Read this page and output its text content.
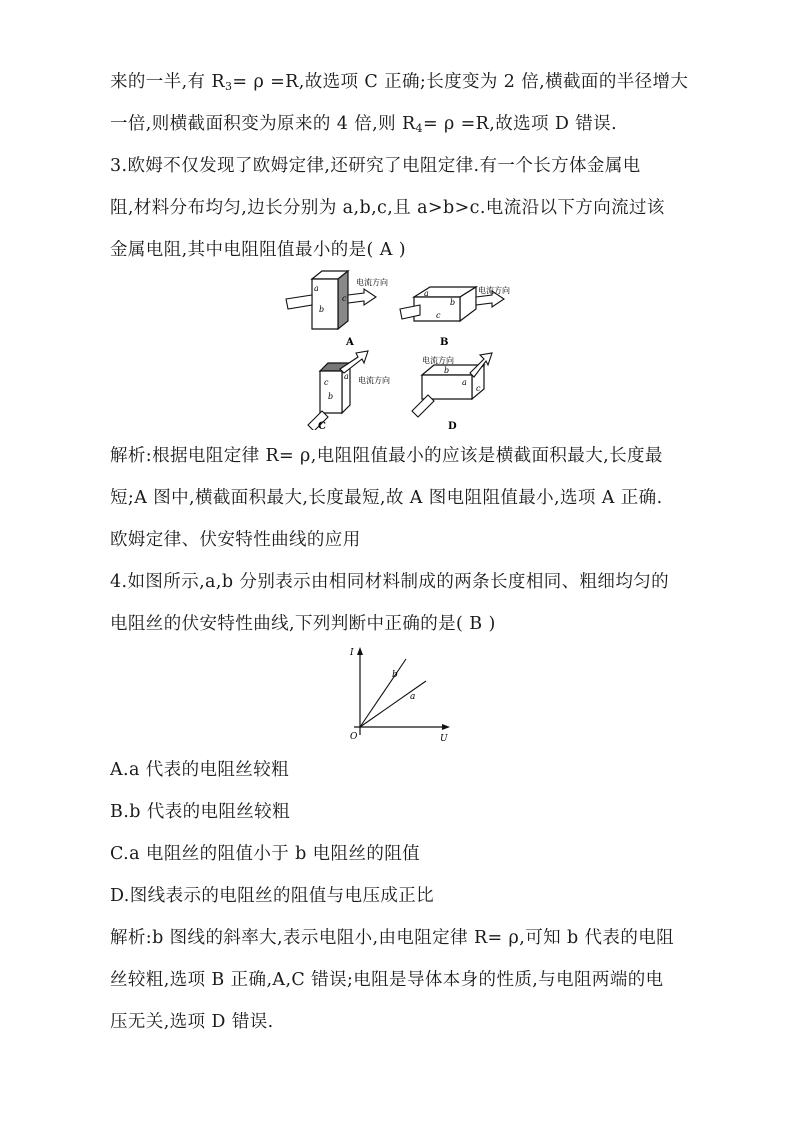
来的一半,有 $R_3= \rho =R$,故选项 C 正确;长度变为 2 倍,横截面的半径增大
一倍,则横截面积变为原来的 4 倍,则 $R_4= \rho =R$,故选项 D 错误.
3.欧姆不仅发现了欧姆定律,还研究了电阻定律.有一个长方体金属电
阻,材料分布均匀,边长分别为 a,b,c,且 a>b>c.电流沿以下方向流过该
金属电阻,其中电阻阻值最小的是( A )
a
b
c
电流方向
A
a
b
c
电流方向
B
c
b
a 电流方向
b
a
c
电流方向
C	D
解析:根据电阻定律 R= ρ,电阻阻值最小的应该是横截面积最大,长度最
短;A 图中,横截面积最大,长度最短,故 A 图电阻阻值最小,选项 A 正确.
欧姆定律、伏安特性曲线的应用
4.如图所示,a,b 分别表示由相同材料制成的两条长度相同、粗细均匀的
电阻丝的伏安特性曲线,下列判断中正确的是( B )
I
U
O
b
a
A.a 代表的电阻丝较粗
B.b 代表的电阻丝较粗
C.a 电阻丝的阻值小于 b 电阻丝的阻值
D.图线表示的电阻丝的阻值与电压成正比
解析:b 图线的斜率大,表示电阻小,由电阻定律 R= ρ,可知 b 代表的电阻
丝较粗,选项 B 正确,A,C 错误;电阻是导体本身的性质,与电阻两端的电
压无关,选项 D 错误.
